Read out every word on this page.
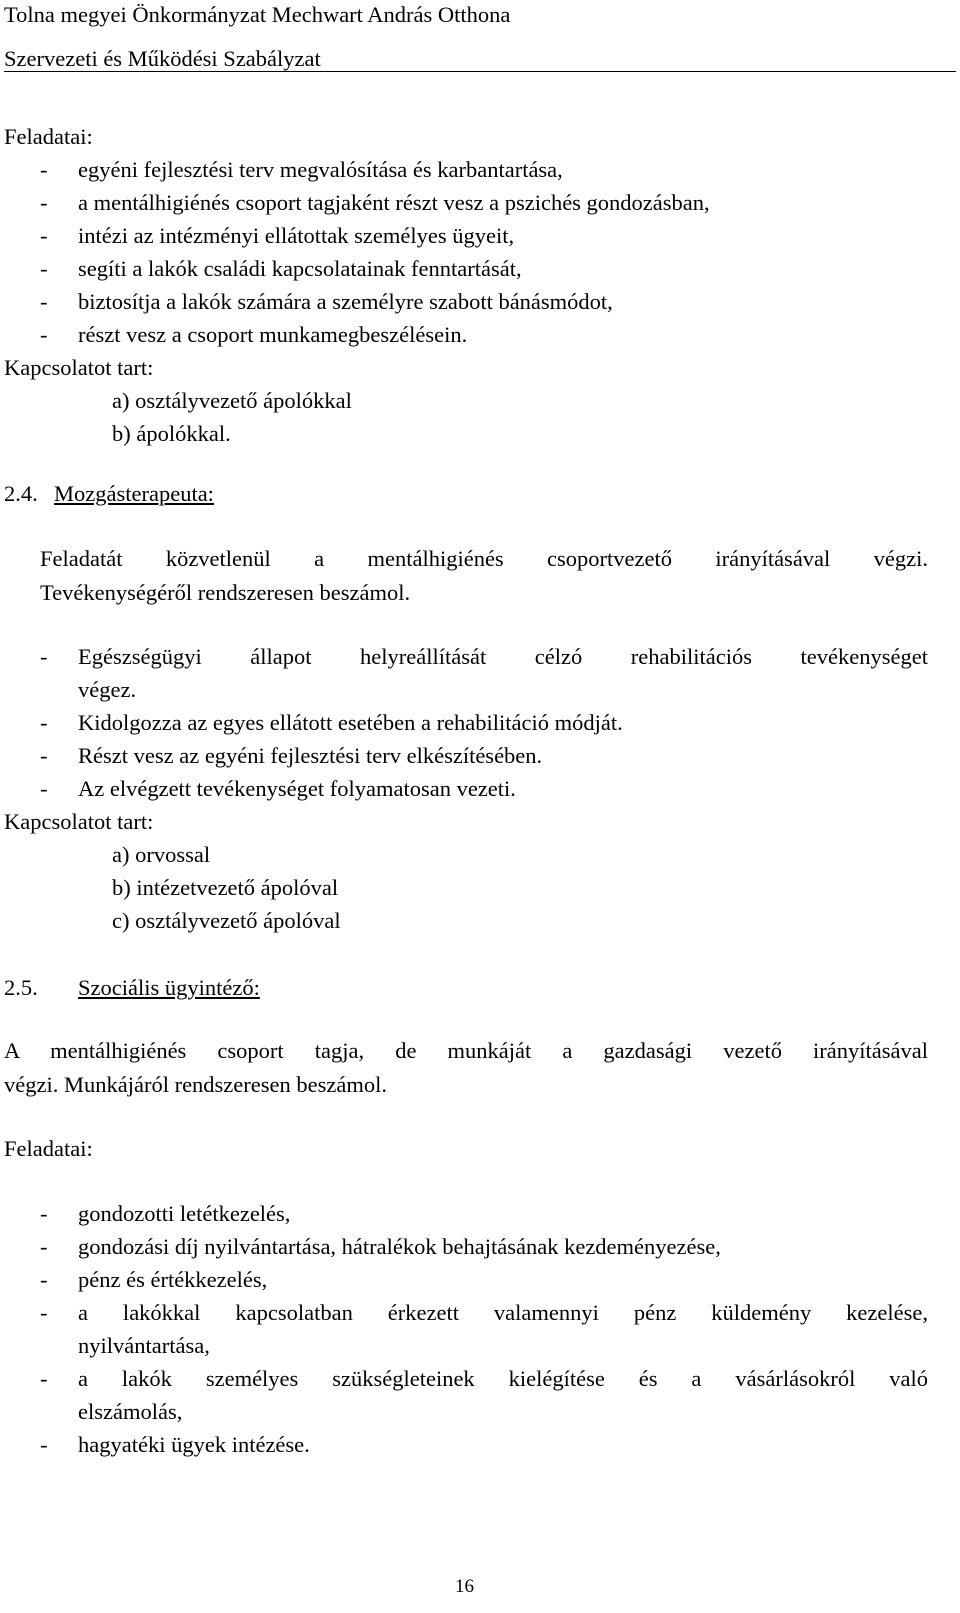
Tolna megyei Önkormányzat Mechwart András Otthona
Szervezeti és Működési Szabályzat
Feladatai:
- egyéni fejlesztési terv megvalósítása és karbantartása,
- a mentálhigiénés csoport tagjaként részt vesz a pszichés gondozásban,
- intézi az intézményi ellátottak személyes ügyeit,
- segíti a lakók családi kapcsolatainak fenntartását,
- biztosítja a lakók számára a személyre szabott bánásmódot,
- részt vesz a csoport munkamegbeszélésein.
Kapcsolatot tart:
a) osztályvezető ápolókkal
b) ápolókkal.
2.4. Mozgásterapeuta:
Feladatát közvetlenül a mentálhigiénés csoportvezető irányításával végzi.
Tevékenységéről rendszeresen beszámol.
- Egészségügyi állapot helyreállítását célzó rehabilitációs tevékenységet
végez.
- Kidolgozza az egyes ellátott esetében a rehabilitáció módját.
- Részt vesz az egyéni fejlesztési terv elkészítésében.
- Az elvégzett tevékenységet folyamatosan vezeti.
Kapcsolatot tart:
a) orvossal
b) intézetvezető ápolóval
c) osztályvezető ápolóval
2.5. Szociális ügyintéző:
A mentálhigiénés csoport tagja, de munkáját a gazdasági vezető irányításával
végzi. Munkájáról rendszeresen beszámol.
Feladatai:
- gondozotti letétkezelés,
- gondozási díj nyilvántartása, hátralékok behajtásának kezdeményezése,
- pénz és értékkezelés,
- a lakókkal kapcsolatban érkezett valamennyi pénz küldemény kezelése,
nyilvántartása,
- a lakók személyes szükségleteinek kielégítése és a vásárlásokról való
elszámolás,
- hagyatéki ügyek intézése.
16
